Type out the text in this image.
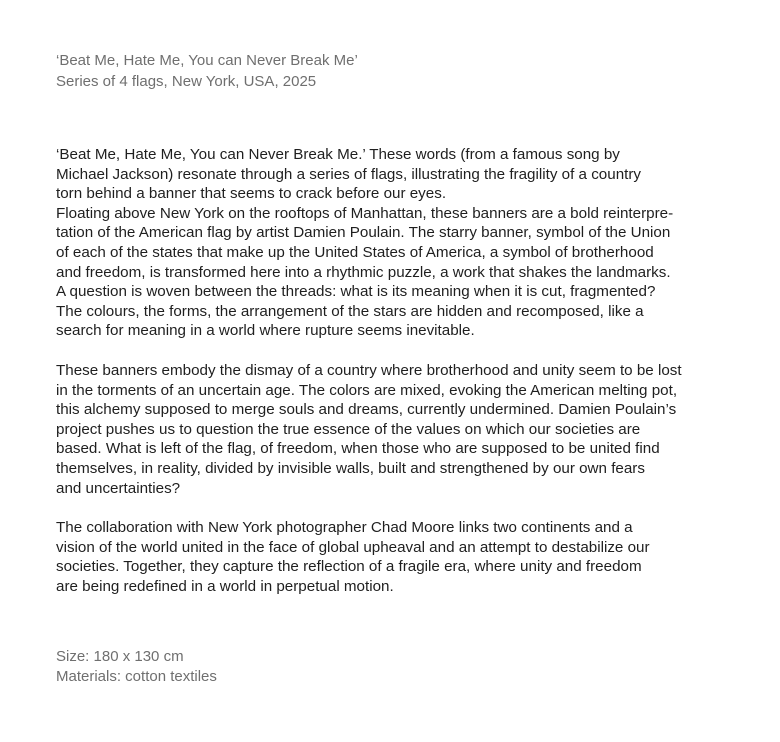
‘Beat Me, Hate Me, You can Never Break Me’
Series of 4 flags, New York, USA, 2025

‘Beat Me, Hate Me, You can Never Break Me.’ These words (from a famous song by
Michael Jackson) resonate through a series of flags, illustrating the fragility of a country
torn behind a banner that seems to crack before our eyes.
Floating above New York on the rooftops of Manhattan, these banners are a bold reinterpre-
tation of the American flag by artist Damien Poulain. The starry banner, symbol of the Union
of each of the states that make up the United States of America, a symbol of brotherhood
and freedom, is transformed here into a rhythmic puzzle, a work that shakes the landmarks.
A question is woven between the threads: what is its meaning when it is cut, fragmented?
The colours, the forms, the arrangement of the stars are hidden and recomposed, like a
search for meaning in a world where rupture seems inevitable.

These banners embody the dismay of a country where brotherhood and unity seem to be lost
in the torments of an uncertain age. The colors are mixed, evoking the American melting pot,
this alchemy supposed to merge souls and dreams, currently undermined. Damien Poulain’s
project pushes us to question the true essence of the values on which our societies are
based. What is left of the flag, of freedom, when those who are supposed to be united find
themselves, in reality, divided by invisible walls, built and strengthened by our own fears
and uncertainties?

The collaboration with New York photographer Chad Moore links two continents and a
vision of the world united in the face of global upheaval and an attempt to destabilize our
societies. Together, they capture the reflection of a fragile era, where unity and freedom
are being redefined in a world in perpetual motion.

Size: 180 x 130 cm
Materials: cotton textiles
